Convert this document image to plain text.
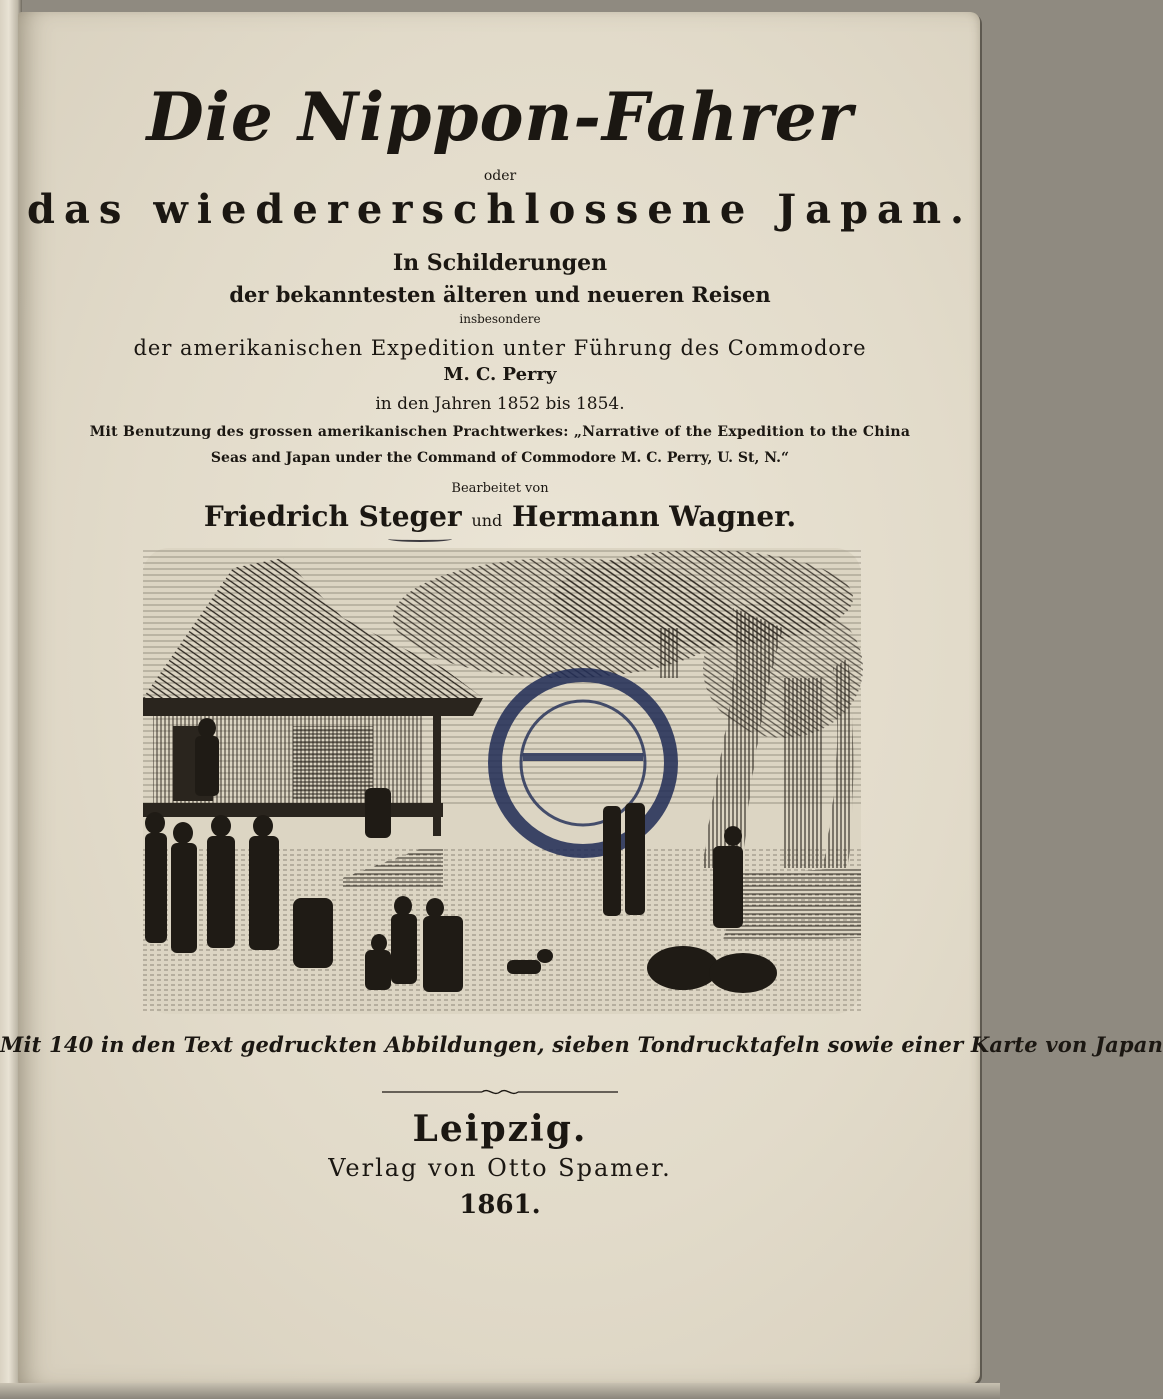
Die Nippon-Fahrer
oder
das wiedererschlossene Japan.
In Schilderungen
der bekanntesten älteren und neueren Reisen
insbesondere
der amerikanischen Expedition unter Führung des Commodore
M. C. Perry
in den Jahren 1852 bis 1854.
Mit Benutzung des grossen amerikanischen Prachtwerkes: „Narrative of the Expedition to the China
Seas and Japan under the Command of Commodore M. C. Perry, U. St, N.“
Bearbeitet von
Friedrich Steger und Hermann Wagner.
Mit 140 in den Text gedruckten Abbildungen, sieben Tondrucktafeln sowie einer Karte von Japan
Leipzig.
Verlag von Otto Spamer.
1861.
